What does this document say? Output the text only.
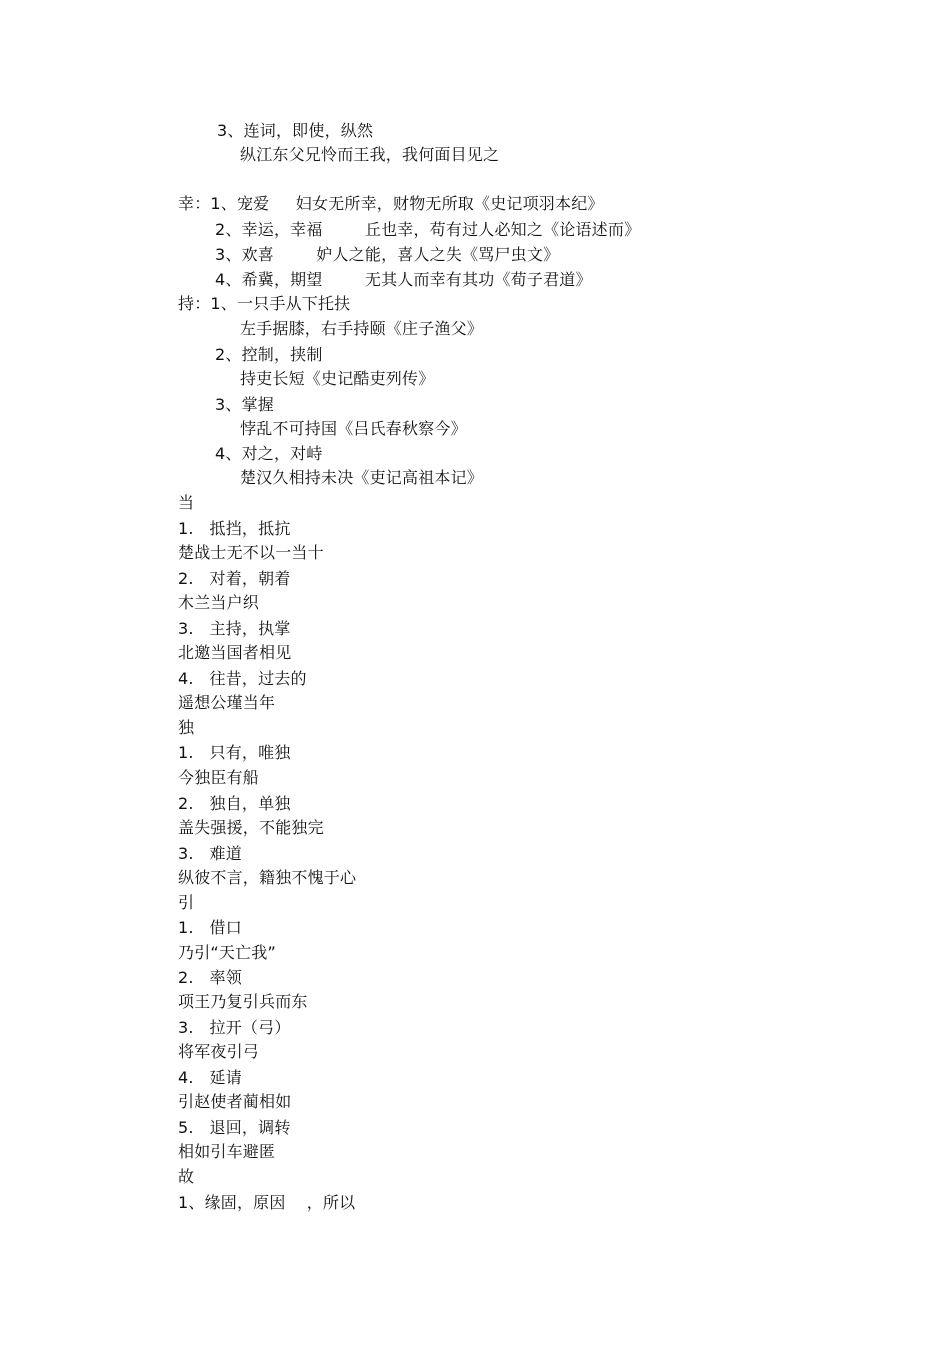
3、连词，即使，纵然
纵江东父兄怜而王我，我何面目见之
幸：1、宠爱     妇女无所幸，财物无所取《史记项羽本纪》
2、幸运，幸福        丘也幸，苟有过人必知之《论语述而》
3、欢喜        妒人之能，喜人之失《骂尸虫文》
4、希冀，期望        无其人而幸有其功《荀子君道》
持：1、一只手从下托扶
左手据膝，右手持颐《庄子渔父》
2、控制，挟制
持吏长短《史记酷吏列传》
3、掌握
悖乱不可持国《吕氏春秋察今》
4、对之，对峙
楚汉久相持未决《吏记高祖本记》
当
1.   抵挡，抵抗
楚战士无不以一当十
2.   对着，朝着
木兰当户织
3.   主持，执掌
北邀当国者相见
4.   往昔，过去的
遥想公瑾当年
独
1.   只有，唯独
今独臣有船
2.   独自，单独
盖失强援，不能独完
3.   难道
纵彼不言，籍独不愧于心
引
1.   借口
乃引“天亡我”
2.   率领
项王乃复引兵而东
3.   拉开（弓）
将军夜引弓
4.   延请
引赵使者蔺相如
5.   退回，调转
相如引车避匿
故
1、缘固，原因    ，所以
